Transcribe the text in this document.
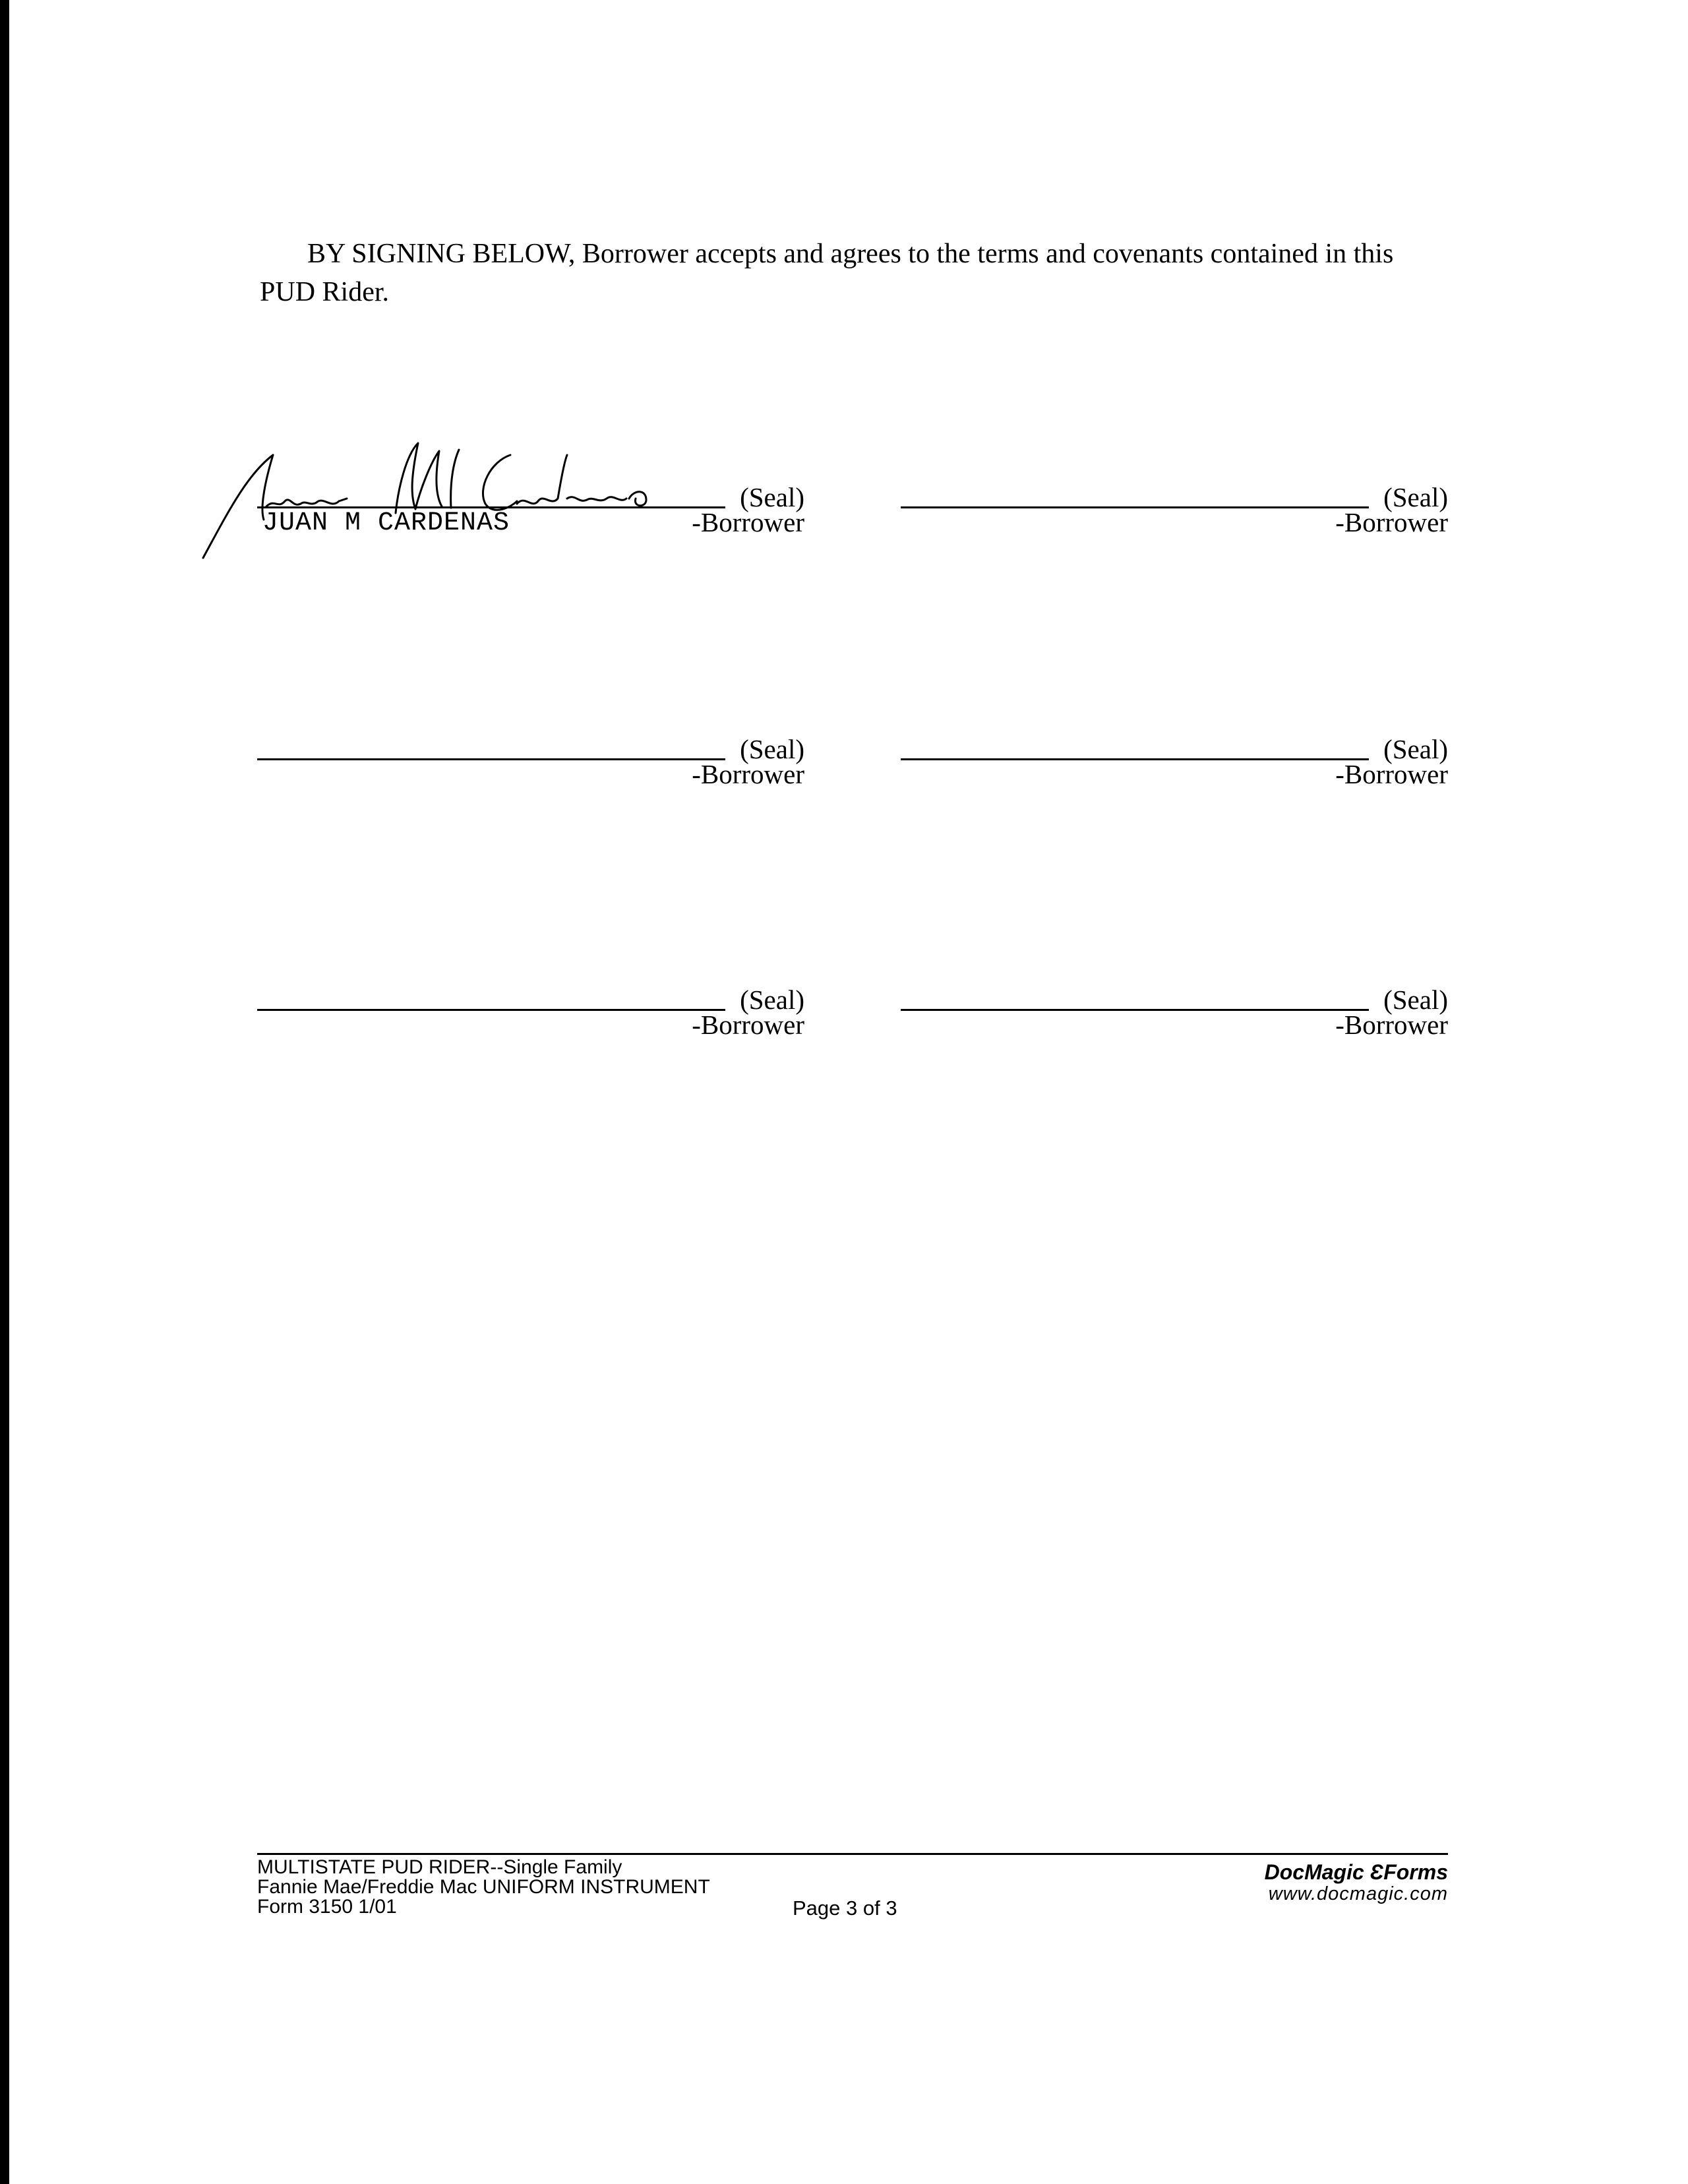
BY SIGNING BELOW, Borrower accepts and agrees to the terms and covenants contained in this PUD Rider.

(Seal)
JUAN M CARDENAS	-Borrower
(Seal)
-Borrower
(Seal)
-Borrower
(Seal)
-Borrower
(Seal)
-Borrower
(Seal)
-Borrower
MULTISTATE PUD RIDER--Single Family
Fannie Mae/Freddie Mac UNIFORM INSTRUMENT
Form 3150 1/01	Page 3 of 3
DocMagic ƐForms
www.docmagic.com
